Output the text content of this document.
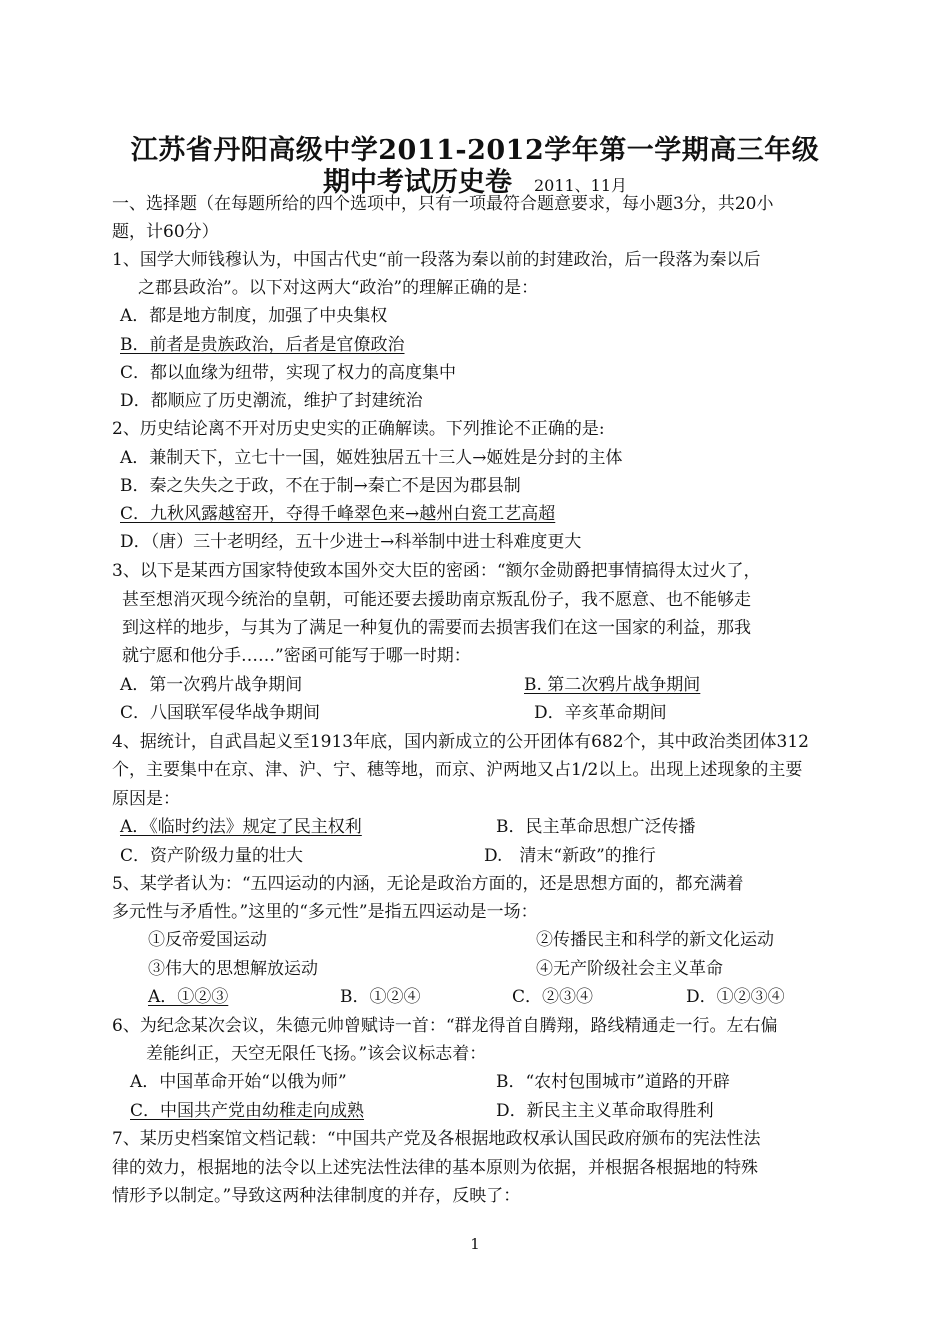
江苏省丹阳高级中学2011-2012学年第一学期高三年级
期中考试历史卷 2011、11月
一、选择题（在每题所给的四个选项中，只有一项最符合题意要求，每小题3分，共20小
题，计60分）
1、国学大师钱穆认为，中国古代史“前一段落为秦以前的封建政治，后一段落为秦以后
之郡县政治”。以下对这两大“政治”的理解正确的是：
A．都是地方制度，加强了中央集权
B．前者是贵族政治，后者是官僚政治
C．都以血缘为纽带，实现了权力的高度集中
D．都顺应了历史潮流，维护了封建统治
2、历史结论离不开对历史史实的正确解读。下列推论不正确的是:
A．兼制天下，立七十一国，姬姓独居五十三人→姬姓是分封的主体
B．秦之失失之于政，不在于制→秦亡不是因为郡县制
C．九秋风露越窑开，夺得千峰翠色来→越州白瓷工艺高超
D．（唐）三十老明经，五十少进士→科举制中进士科难度更大
3、以下是某西方国家特使致本国外交大臣的密函：“额尔金勋爵把事情搞得太过火了，
甚至想消灭现今统治的皇朝，可能还要去援助南京叛乱份子，我不愿意、也不能够走
到这样的地步，与其为了满足一种复仇的需要而去损害我们在这一国家的利益，那我
就宁愿和他分手……”密函可能写于哪一时期：
A．第一次鸦片战争期间	B. 第二次鸦片战争期间
C．八国联军侵华战争期间	D．辛亥革命期间
4、据统计，自武昌起义至1913年底，国内新成立的公开团体有682个，其中政治类团体312
个，主要集中在京、津、沪、宁、穗等地，而京、沪两地又占1/2以上。出现上述现象的主要
原因是：
A．《临时约法》规定了民主权利	B．民主革命思想广泛传播
C．资产阶级力量的壮大	D.　清末“新政”的推行
5、某学者认为：“五四运动的内涵，无论是政治方面的，还是思想方面的，都充满着
多元性与矛盾性。”这里的“多元性”是指五四运动是一场：
①反帝爱国运动	②传播民主和科学的新文化运动
③伟大的思想解放运动	④无产阶级社会主义革命
A．①②③	B．①②④	C．②③④	D．①②③④
6、为纪念某次会议，朱德元帅曾赋诗一首：“群龙得首自腾翔，路线精通走一行。左右偏
差能纠正，天空无限任飞扬。”该会议标志着：
A．中国革命开始“以俄为师”	B．“农村包围城市”道路的开辟
C．中国共产党由幼稚走向成熟	D．新民主主义革命取得胜利
7、某历史档案馆文档记载：“中国共产党及各根据地政权承认国民政府颁布的宪法性法
律的效力，根据地的法令以上述宪法性法律的基本原则为依据，并根据各根据地的特殊
情形予以制定。”导致这两种法律制度的并存，反映了：
1
